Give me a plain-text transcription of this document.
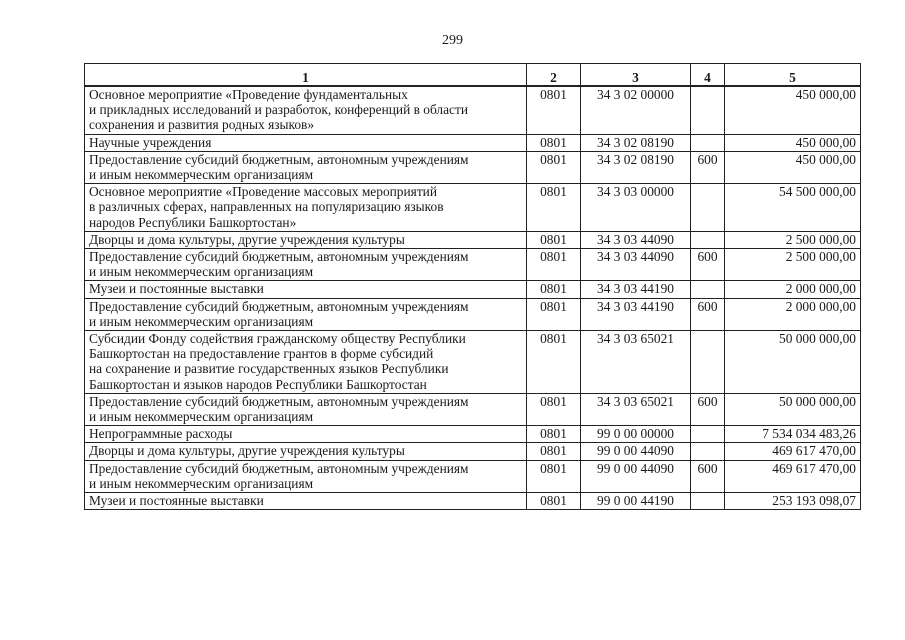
299
1	2	3	4	5
Основное мероприятие «Проведение фундаментальных
и прикладных исследований и разработок, конференций в области
сохранения и развития родных языков»	0801	34 3 02 00000		450 000,00
Научные учреждения	0801	34 3 02 08190		450 000,00
Предоставление субсидий бюджетным, автономным учреждениям
и иным некоммерческим организациям	0801	34 3 02 08190	600	450 000,00
Основное мероприятие «Проведение массовых мероприятий
в различных сферах, направленных на популяризацию языков
народов Республики Башкортостан»	0801	34 3 03 00000		54 500 000,00
Дворцы и дома культуры, другие учреждения культуры	0801	34 3 03 44090		2 500 000,00
Предоставление субсидий бюджетным, автономным учреждениям
и иным некоммерческим организациям	0801	34 3 03 44090	600	2 500 000,00
Музеи и постоянные выставки	0801	34 3 03 44190		2 000 000,00
Предоставление субсидий бюджетным, автономным учреждениям
и иным некоммерческим организациям	0801	34 3 03 44190	600	2 000 000,00
Субсидии Фонду содействия гражданскому обществу Республики
Башкортостан на предоставление грантов в форме субсидий
на сохранение и развитие государственных языков Республики
Башкортостан и языков народов Республики Башкортостан	0801	34 3 03 65021		50 000 000,00
Предоставление субсидий бюджетным, автономным учреждениям
и иным некоммерческим организациям	0801	34 3 03 65021	600	50 000 000,00
Непрограммные расходы	0801	99 0 00 00000		7 534 034 483,26
Дворцы и дома культуры, другие учреждения культуры	0801	99 0 00 44090		469 617 470,00
Предоставление субсидий бюджетным, автономным учреждениям
и иным некоммерческим организациям	0801	99 0 00 44090	600	469 617 470,00
Музеи и постоянные выставки	0801	99 0 00 44190		253 193 098,07
